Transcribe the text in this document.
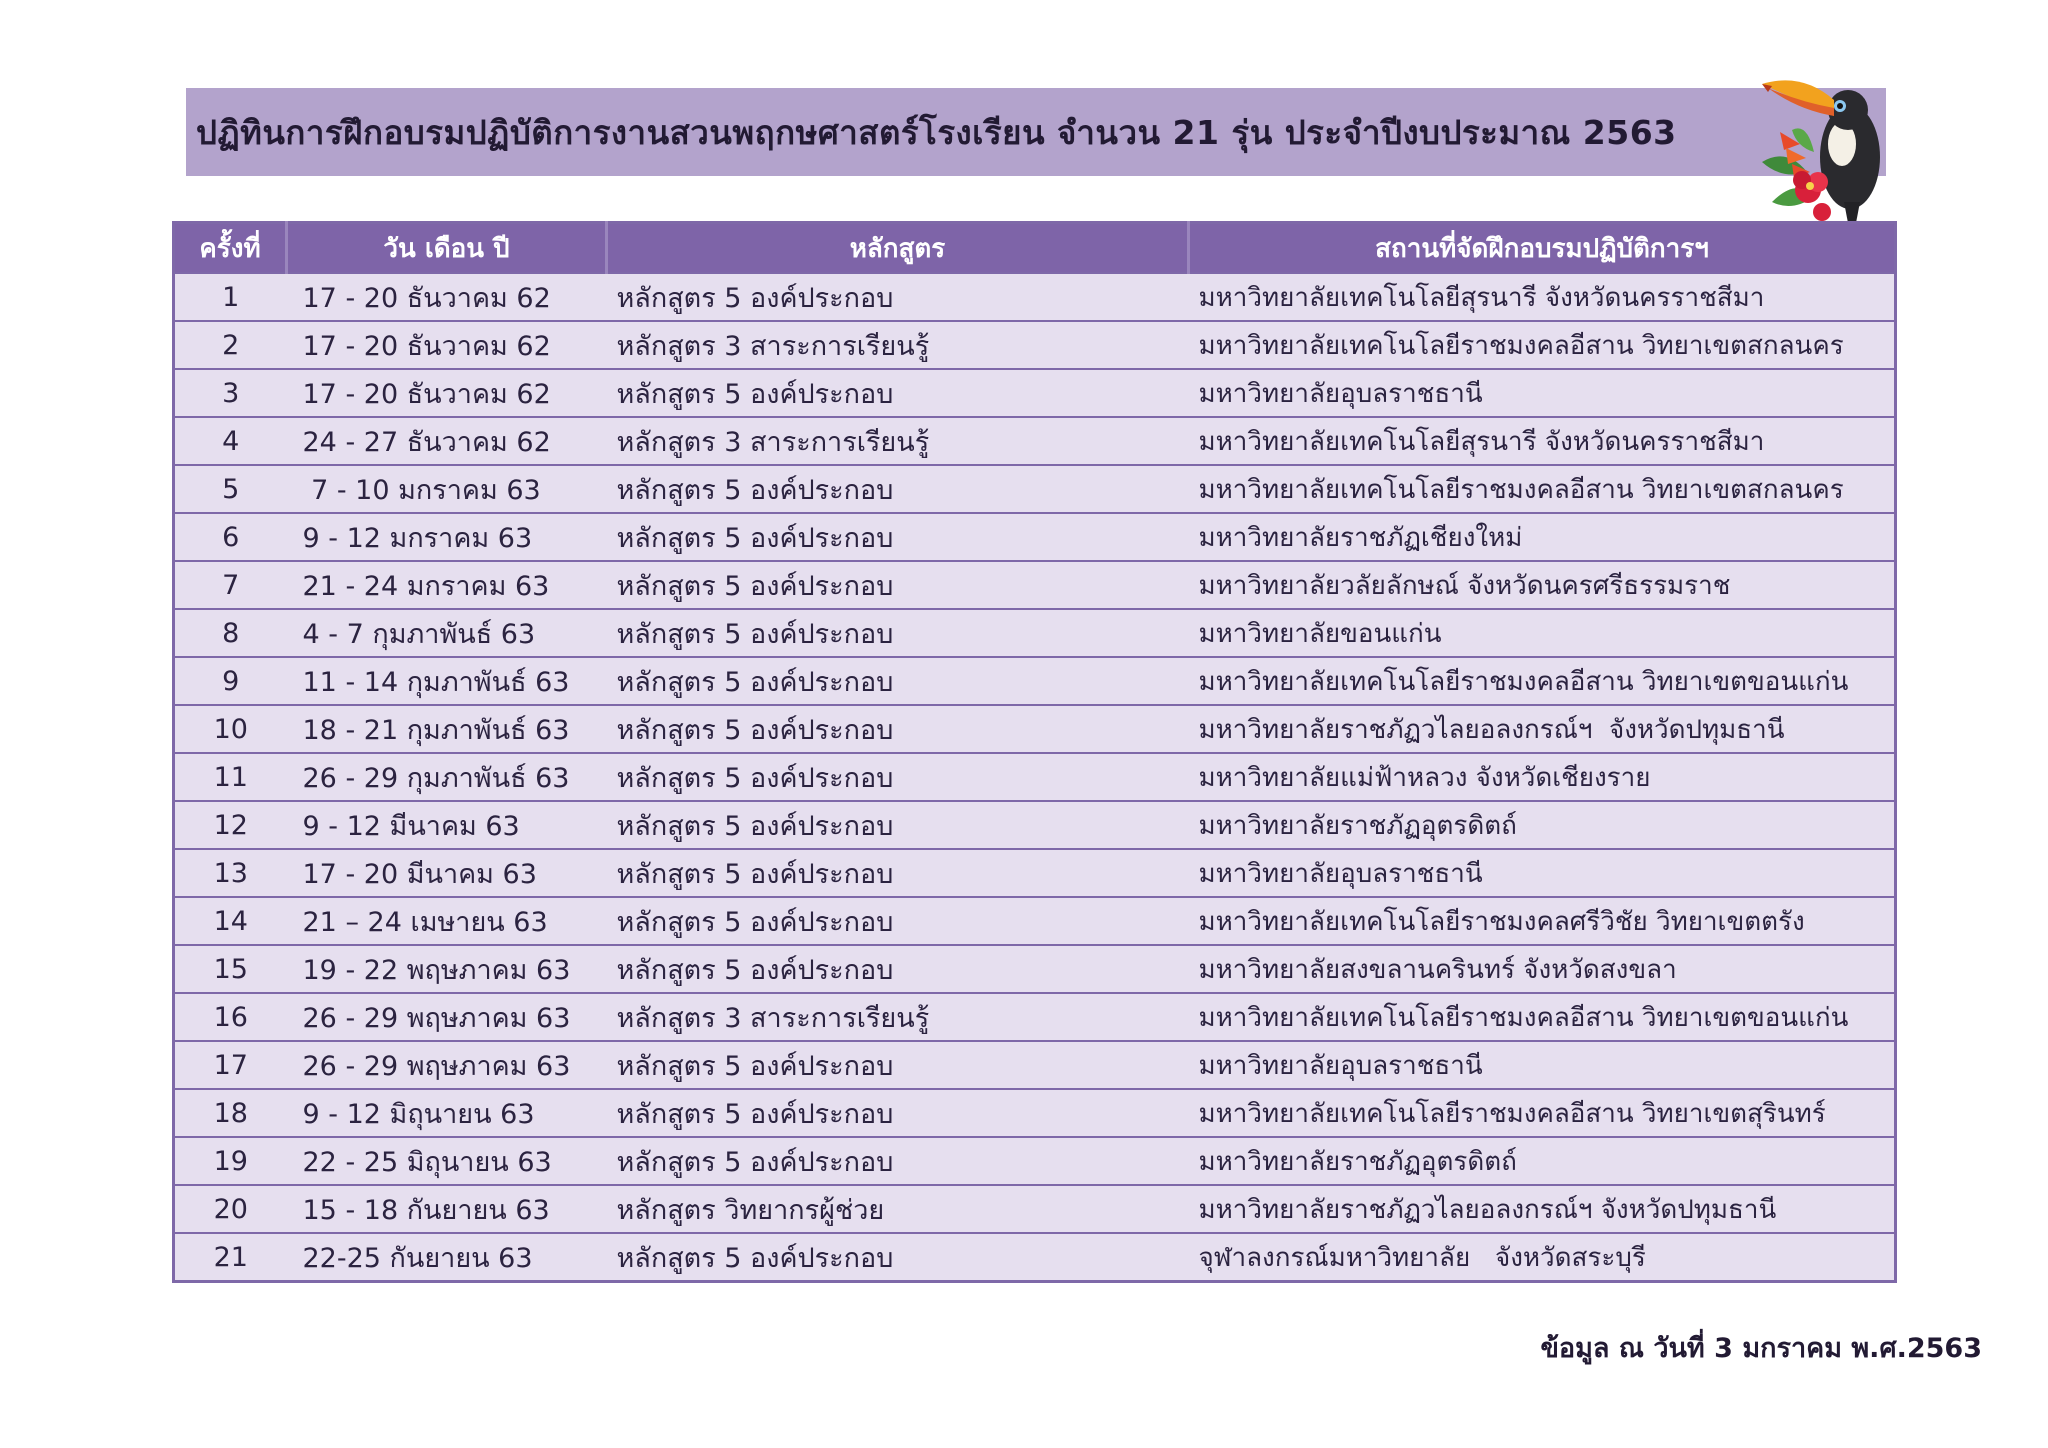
ปฏิทินการฝึกอบรมปฏิบัติการงานสวนพฤกษศาสตร์โรงเรียน จำนวน 21 รุ่น ประจำปีงบประมาณ 2563
ครั้งที่	วัน เดือน ปี	หลักสูตร	สถานที่จัดฝึกอบรมปฏิบัติการฯ
1	17 - 20 ธันวาคม 62	หลักสูตร 5 องค์ประกอบ	มหาวิทยาลัยเทคโนโลยีสุรนารี จังหวัดนครราชสีมา
2	17 - 20 ธันวาคม 62	หลักสูตร 3 สาระการเรียนรู้	มหาวิทยาลัยเทคโนโลยีราชมงคลอีสาน วิทยาเขตสกลนคร
3	17 - 20 ธันวาคม 62	หลักสูตร 5 องค์ประกอบ	มหาวิทยาลัยอุบลราชธานี
4	24 - 27 ธันวาคม 62	หลักสูตร 3 สาระการเรียนรู้	มหาวิทยาลัยเทคโนโลยีสุรนารี จังหวัดนครราชสีมา
5	7 - 10 มกราคม 63	หลักสูตร 5 องค์ประกอบ	มหาวิทยาลัยเทคโนโลยีราชมงคลอีสาน วิทยาเขตสกลนคร
6	9 - 12 มกราคม 63	หลักสูตร 5 องค์ประกอบ	มหาวิทยาลัยราชภัฏเชียงใหม่
7	21 - 24 มกราคม 63	หลักสูตร 5 องค์ประกอบ	มหาวิทยาลัยวลัยลักษณ์ จังหวัดนครศรีธรรมราช
8	4 - 7 กุมภาพันธ์ 63	หลักสูตร 5 องค์ประกอบ	มหาวิทยาลัยขอนแก่น
9	11 - 14 กุมภาพันธ์ 63	หลักสูตร 5 องค์ประกอบ	มหาวิทยาลัยเทคโนโลยีราชมงคลอีสาน วิทยาเขตขอนแก่น
10	18 - 21 กุมภาพันธ์ 63	หลักสูตร 5 องค์ประกอบ	มหาวิทยาลัยราชภัฏวไลยอลงกรณ์ฯ  จังหวัดปทุมธานี
11	26 - 29 กุมภาพันธ์ 63	หลักสูตร 5 องค์ประกอบ	มหาวิทยาลัยแม่ฟ้าหลวง จังหวัดเชียงราย
12	9 - 12 มีนาคม 63	หลักสูตร 5 องค์ประกอบ	มหาวิทยาลัยราชภัฏอุตรดิตถ์
13	17 - 20 มีนาคม 63	หลักสูตร 5 องค์ประกอบ	มหาวิทยาลัยอุบลราชธานี
14	21 – 24 เมษายน 63	หลักสูตร 5 องค์ประกอบ	มหาวิทยาลัยเทคโนโลยีราชมงคลศรีวิชัย วิทยาเขตตรัง
15	19 - 22 พฤษภาคม 63	หลักสูตร 5 องค์ประกอบ	มหาวิทยาลัยสงขลานครินทร์ จังหวัดสงขลา
16	26 - 29 พฤษภาคม 63	หลักสูตร 3 สาระการเรียนรู้	มหาวิทยาลัยเทคโนโลยีราชมงคลอีสาน วิทยาเขตขอนแก่น
17	26 - 29 พฤษภาคม 63	หลักสูตร 5 องค์ประกอบ	มหาวิทยาลัยอุบลราชธานี
18	9 - 12 มิถุนายน 63	หลักสูตร 5 องค์ประกอบ	มหาวิทยาลัยเทคโนโลยีราชมงคลอีสาน วิทยาเขตสุรินทร์
19	22 - 25 มิถุนายน 63	หลักสูตร 5 องค์ประกอบ	มหาวิทยาลัยราชภัฏอุตรดิตถ์
20	15 - 18 กันยายน 63	หลักสูตร วิทยากรผู้ช่วย	มหาวิทยาลัยราชภัฏวไลยอลงกรณ์ฯ จังหวัดปทุมธานี
21	22-25 กันยายน 63	หลักสูตร 5 องค์ประกอบ	จุฬาลงกรณ์มหาวิทยาลัย   จังหวัดสระบุรี
ข้อมูล ณ วันที่ 3 มกราคม พ.ศ.2563
